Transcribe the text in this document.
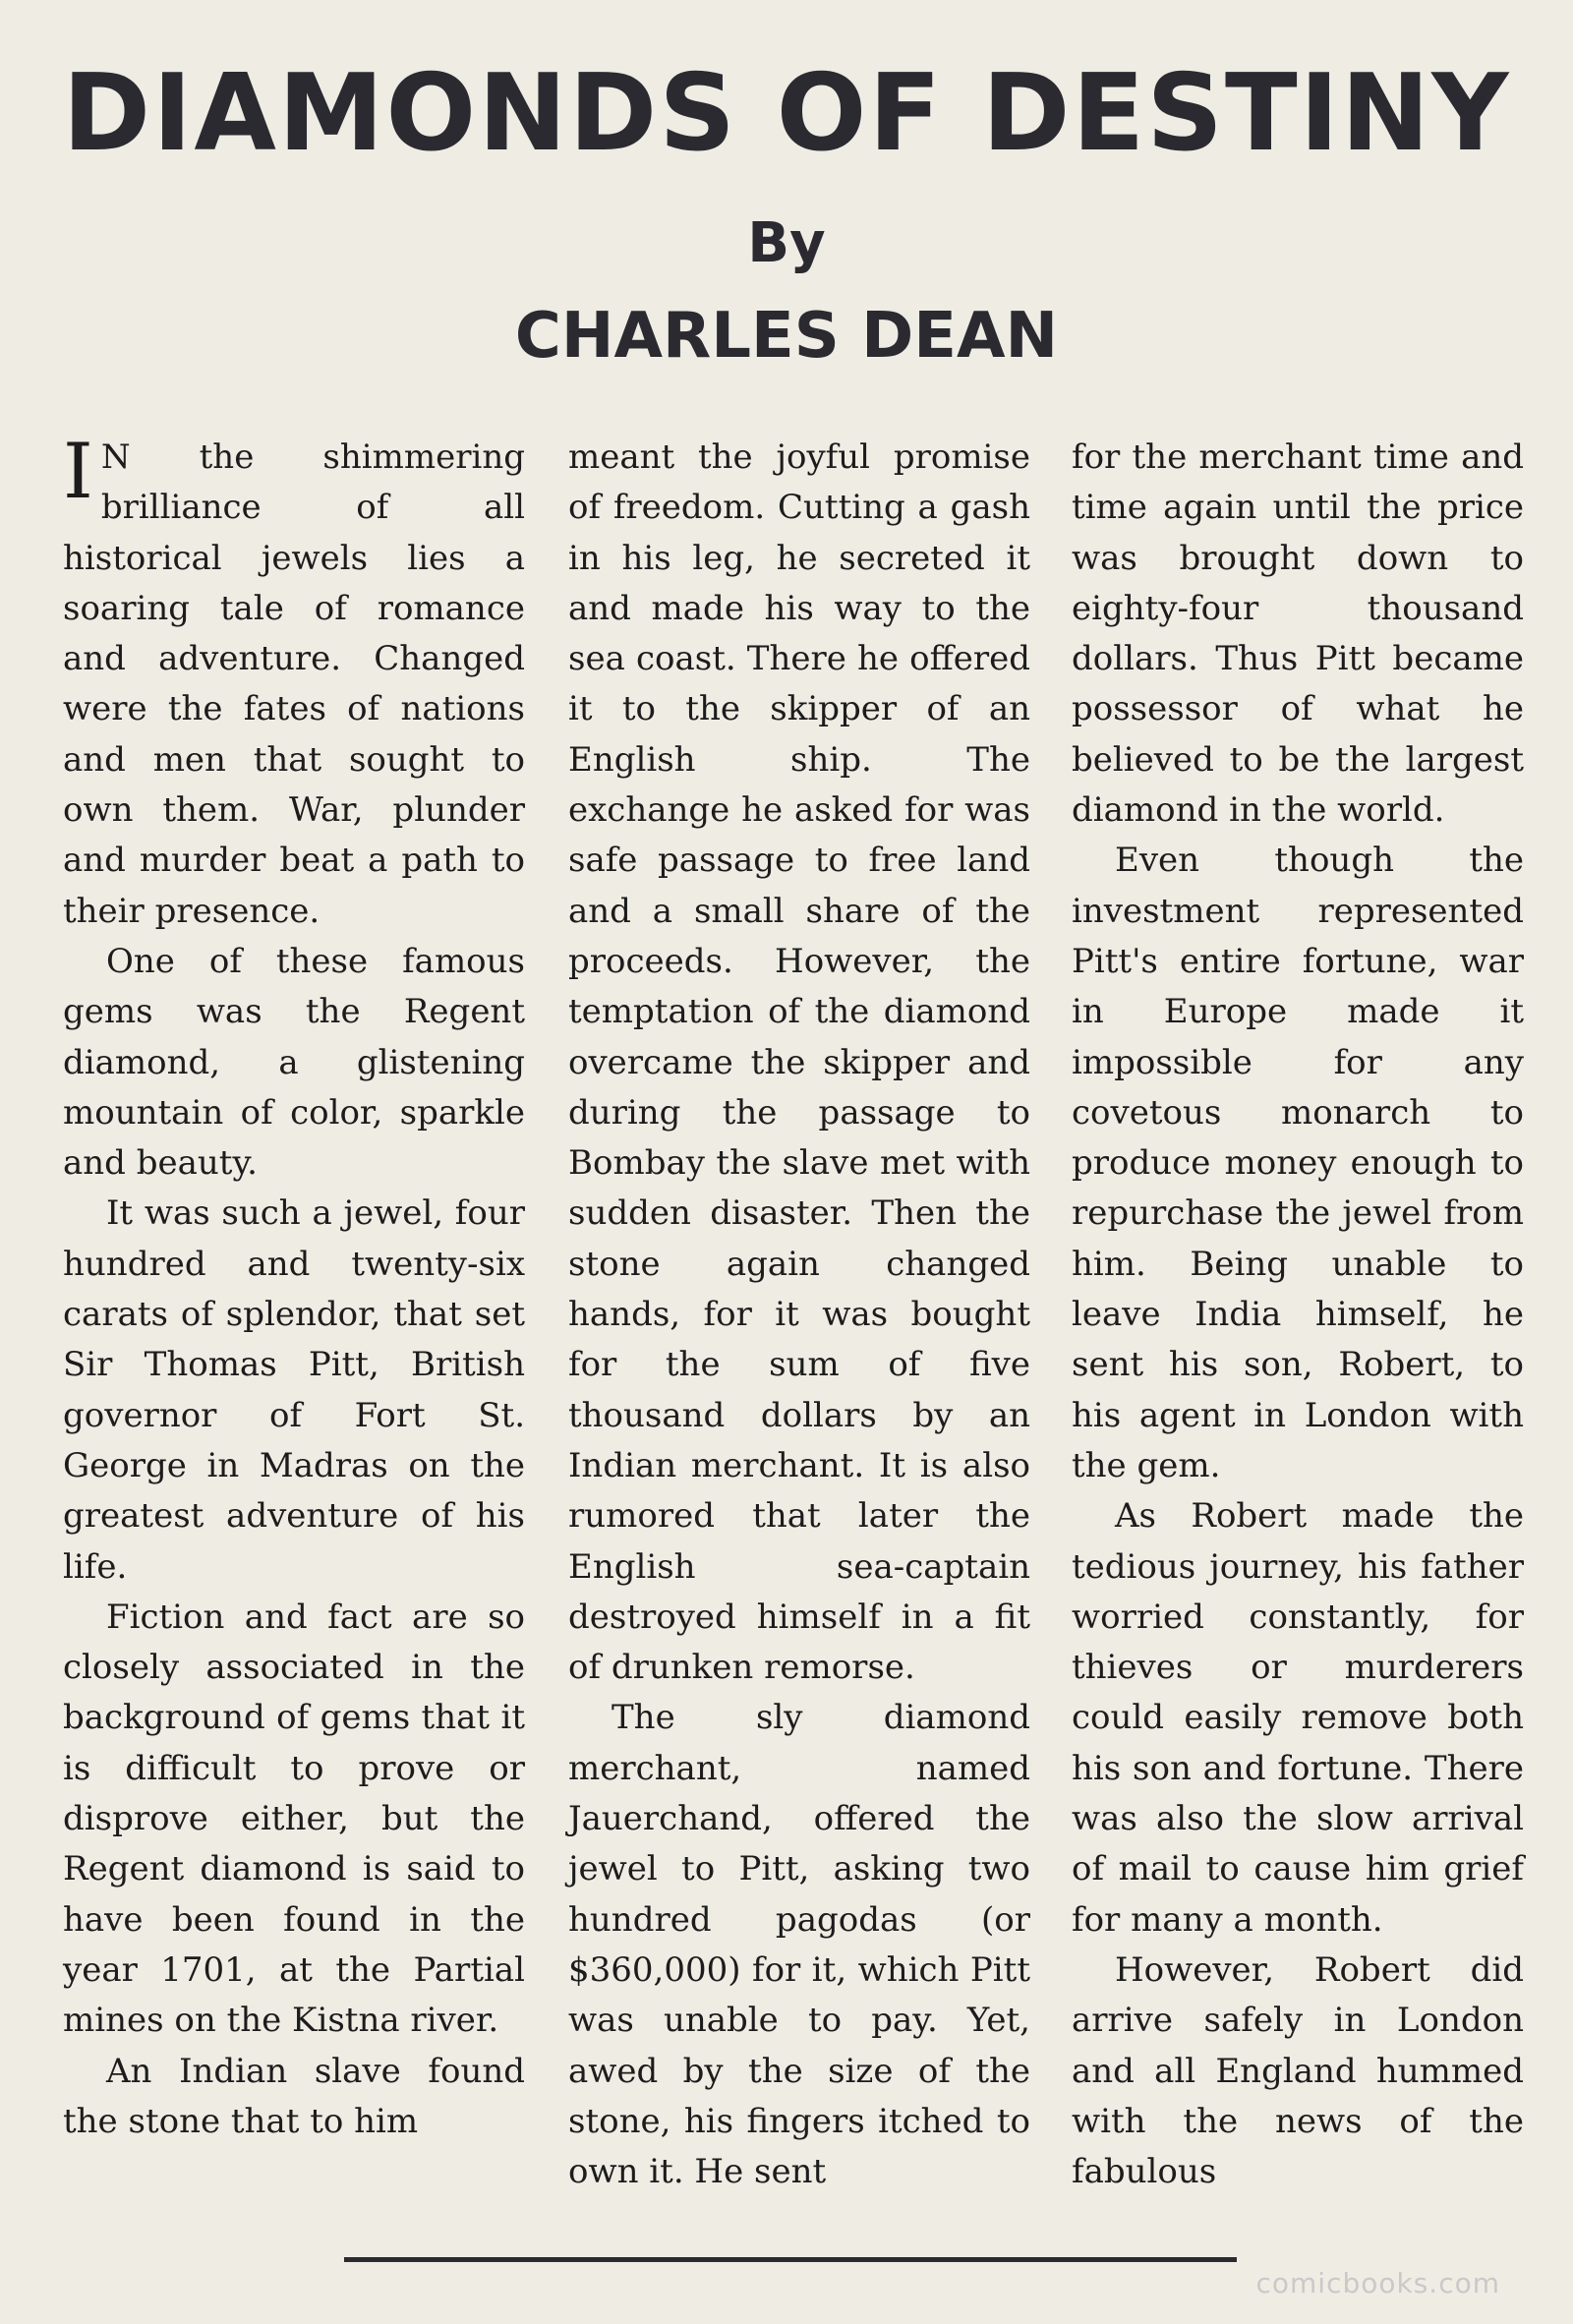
DIAMONDS OF DESTINY
By
CHARLES DEAN

I N the shimmering brilliance of all historical jewels lies a soaring tale of romance and adventure. Changed were the fates of nations and men that sought to own them. War, plunder and murder beat a path to their presence.

One of these famous gems was the Regent diamond, a glistening mountain of color, sparkle and beauty.

It was such a jewel, four hundred and twenty-six carats of splendor, that set Sir Thomas Pitt, British governor of Fort St. George in Madras on the greatest adventure of his life.

Fiction and fact are so closely associated in the background of gems that it is difficult to prove or disprove either, but the Regent diamond is said to have been found in the year 1701, at the Partial mines on the Kistna river.

An Indian slave found the stone that to him

meant the joyful promise of freedom. Cutting a gash in his leg, he secreted it and made his way to the sea coast. There he offered it to the skipper of an English ship. The exchange he asked for was safe passage to free land and a small share of the proceeds. However, the temptation of the diamond overcame the skipper and during the passage to Bombay the slave met with sudden disaster. Then the stone again changed hands, for it was bought for the sum of five thousand dollars by an Indian merchant. It is also rumored that later the English sea-captain destroyed himself in a fit of drunken remorse.

The sly diamond merchant, named Jauerchand, offered the jewel to Pitt, asking two hundred pagodas (or $360,000) for it, which Pitt was unable to pay. Yet, awed by the size of the stone, his fingers itched to own it. He sent

for the merchant time and time again until the price was brought down to eighty-four thousand dollars. Thus Pitt became possessor of what he believed to be the largest diamond in the world.

Even though the investment represented Pitt's entire fortune, war in Europe made it impossible for any covetous monarch to produce money enough to repurchase the jewel from him. Being unable to leave India himself, he sent his son, Robert, to his agent in London with the gem.

As Robert made the tedious journey, his father worried constantly, for thieves or murderers could easily remove both his son and fortune. There was also the slow arrival of mail to cause him grief for many a month.

However, Robert did arrive safely in London and all England hummed with the news of the fabulous

comicbooks.com
